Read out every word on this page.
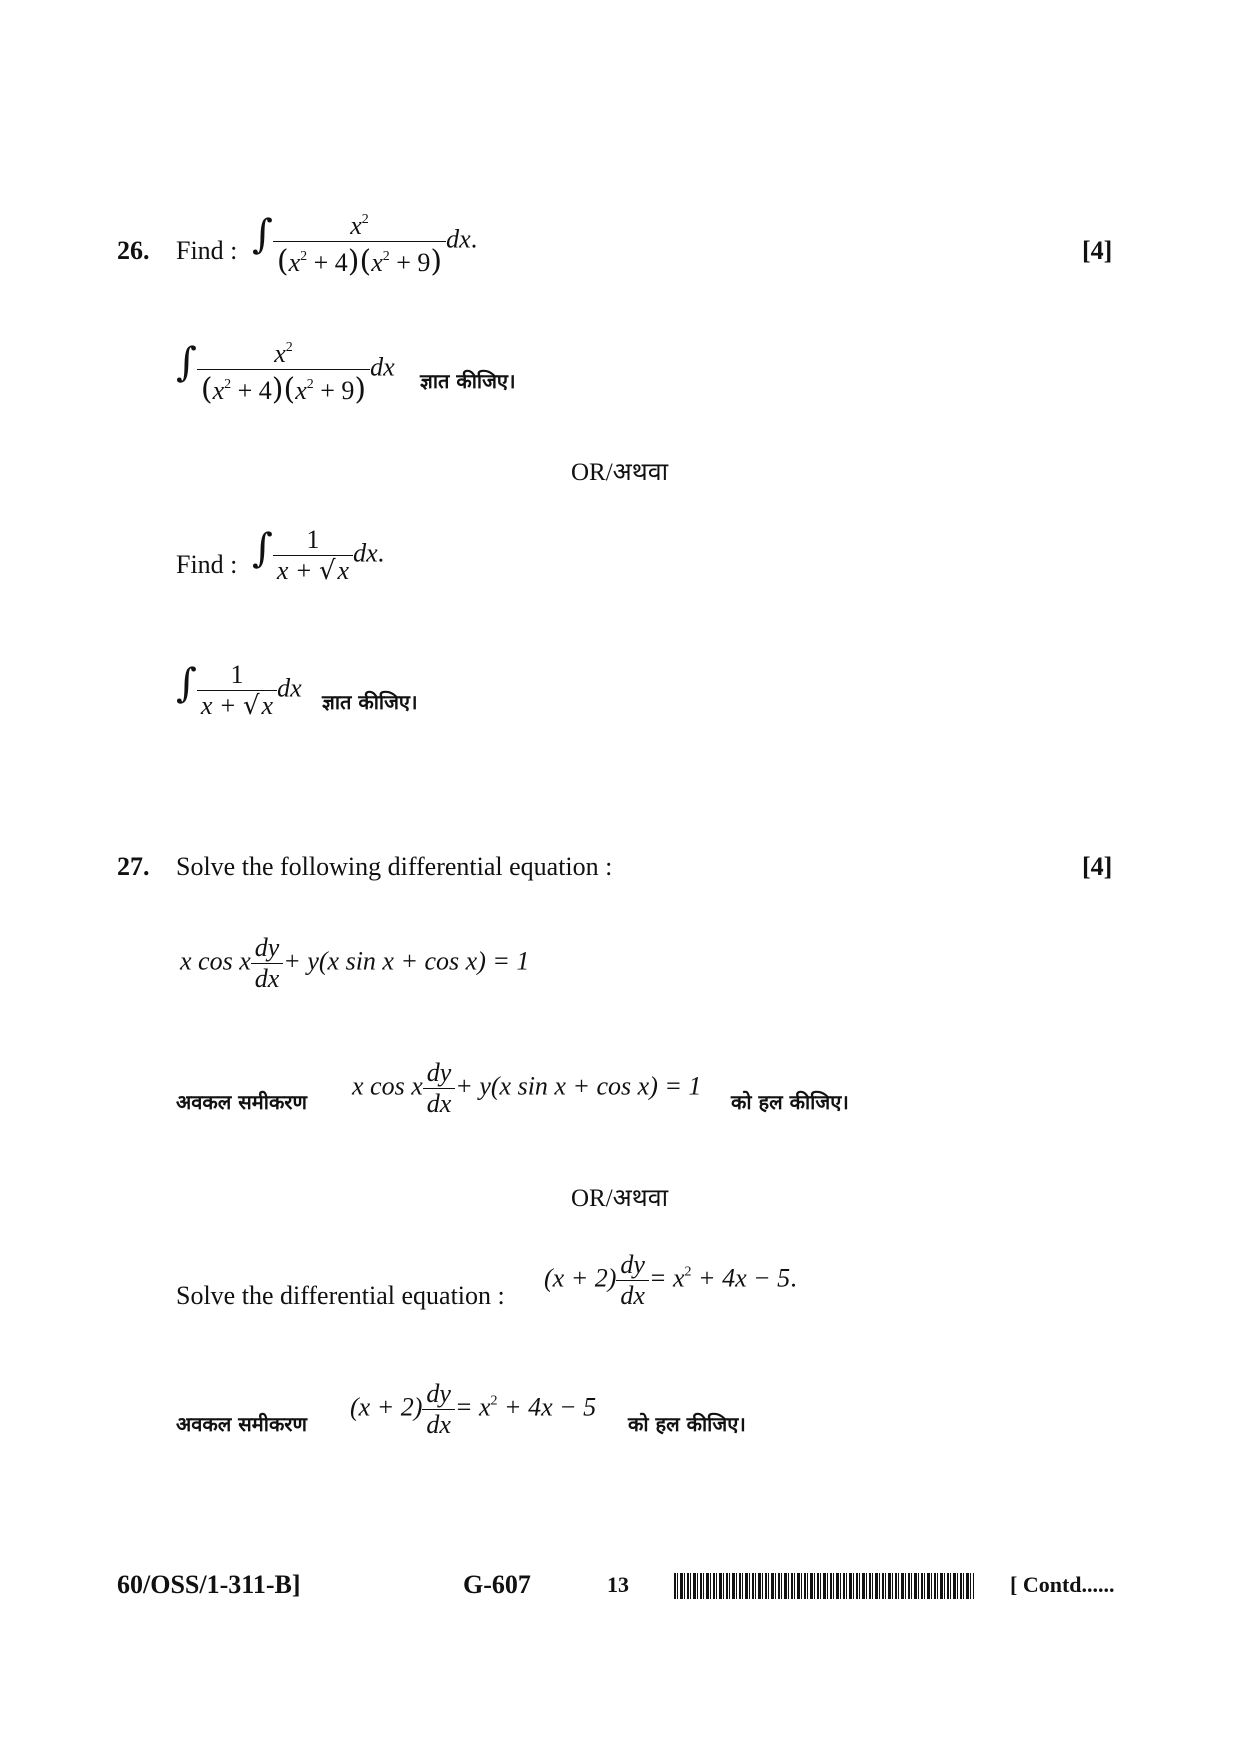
26. Find : ∫ $\frac{x^2}{(x^2 + 4)(x^2 + 9)}$ dx.	[4]
∫ $\frac{x^2}{(x^2 + 4)(x^2 + 9)}$ dx ज्ञात कीजिए।
OR/अथवा
Find : ∫ $\frac{1}{x + √x}$ dx.
∫ $\frac{1}{x + √x}$ dx ज्ञात कीजिए।
27. Solve the following differential equation :	[4]
x cos x $\frac{dy}{dx} + y(x$ sin x + cos x) = 1
अवकल समीकरण
x cos x $\frac{dy}{dx} + y(x$ sin x + cos x) = 1
को हल कीजिए।
OR/अथवा
Solve the differential equation :
$(x + 2) \frac{dy}{dx} = x^2 + 4x - 5$.
अवकल समीकरण
$(x + 2) \frac{dy}{dx} = x^2 + 4x - 5$
को हल कीजिए।
60/OSS/1-311-B]	G-607	13	[ Contd......
